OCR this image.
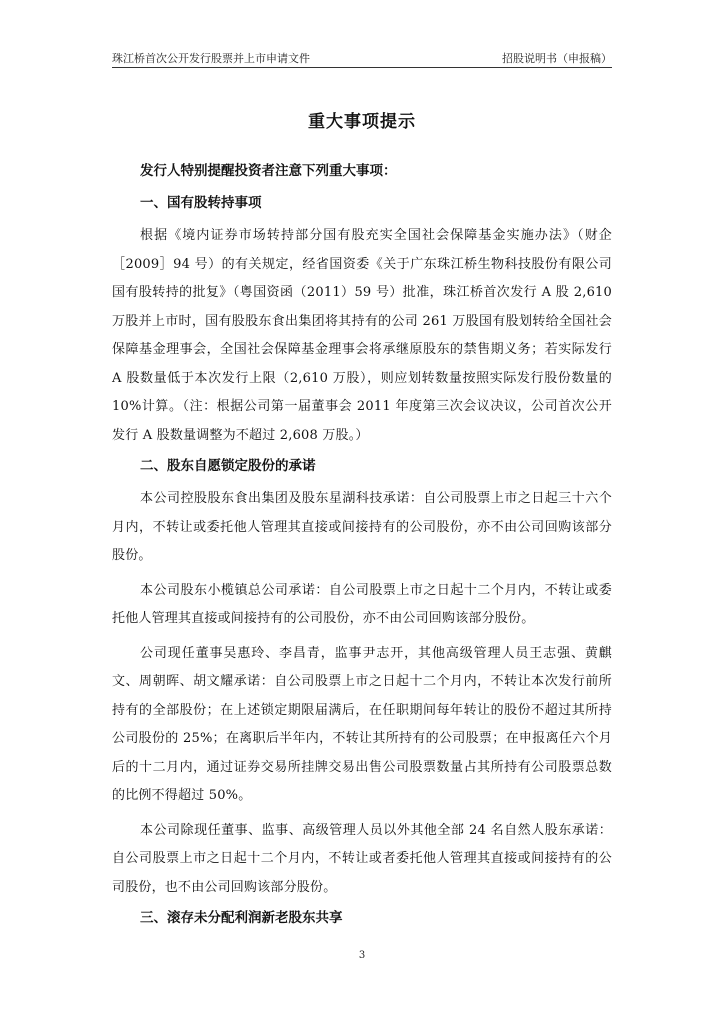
珠江桥首次公开发行股票并上市申请文件	招股说明书（申报稿）
重大事项提示
发行人特别提醒投资者注意下列重大事项：
一、国有股转持事项

根据《境内证券市场转持部分国有股充实全国社会保障基金实施办法》（财企［2009］94 号）的有关规定，经省国资委《关于广东珠江桥生物科技股份有限公司国有股转持的批复》（粤国资函（2011）59 号）批准，珠江桥首次发行 A 股 2,610 万股并上市时，国有股股东食出集团将其持有的公司 261 万股国有股划转给全国社会保障基金理事会，全国社会保障基金理事会将承继原股东的禁售期义务；若实际发行 A 股数量低于本次发行上限（2,610 万股），则应划转数量按照实际发行股份数量的 10%计算。（注：根据公司第一届董事会 2011 年度第三次会议决议，公司首次公开发行 A 股数量调整为不超过 2,608 万股。）

二、股东自愿锁定股份的承诺

本公司控股股东食出集团及股东星湖科技承诺：自公司股票上市之日起三十六个月内，不转让或委托他人管理其直接或间接持有的公司股份，亦不由公司回购该部分股份。

本公司股东小榄镇总公司承诺：自公司股票上市之日起十二个月内，不转让或委托他人管理其直接或间接持有的公司股份，亦不由公司回购该部分股份。

公司现任董事吴惠玲、李昌青，监事尹志开，其他高级管理人员王志强、黄麒文、周朝晖、胡文耀承诺：自公司股票上市之日起十二个月内，不转让本次发行前所持有的全部股份；在上述锁定期限届满后，在任职期间每年转让的股份不超过其所持公司股份的 25%；在离职后半年内，不转让其所持有的公司股票；在申报离任六个月后的十二月内，通过证券交易所挂牌交易出售公司股票数量占其所持有公司股票总数的比例不得超过 50%。

本公司除现任董事、监事、高级管理人员以外其他全部 24 名自然人股东承诺：自公司股票上市之日起十二个月内，不转让或者委托他人管理其直接或间接持有的公司股份，也不由公司回购该部分股份。

三、滚存未分配利润新老股东共享
3
